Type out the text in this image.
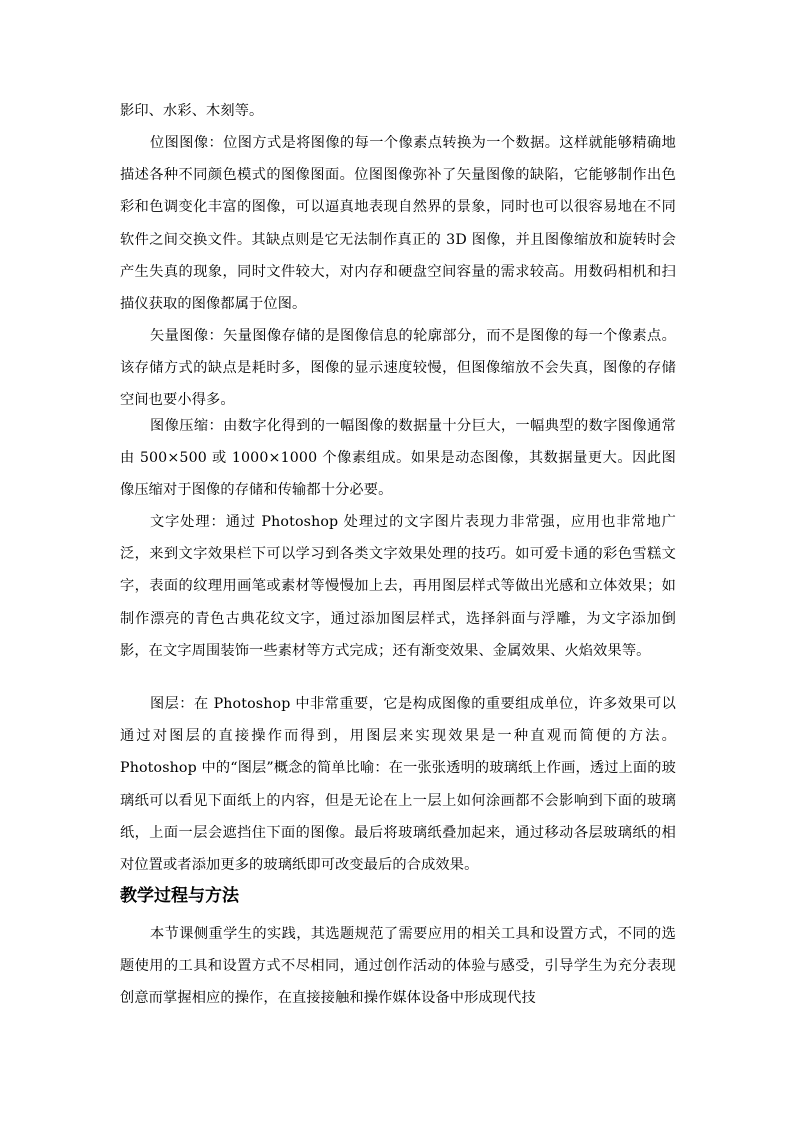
影印、水彩、木刻等。

位图图像：位图方式是将图像的每一个像素点转换为一个数据。这样就能够精确地描述各种不同颜色模式的图像图面。位图图像弥补了矢量图像的缺陷，它能够制作出色彩和色调变化丰富的图像，可以逼真地表现自然界的景象，同时也可以很容易地在不同软件之间交换文件。其缺点则是它无法制作真正的 3D 图像，并且图像缩放和旋转时会产生失真的现象，同时文件较大，对内存和硬盘空间容量的需求较高。用数码相机和扫描仪获取的图像都属于位图。

矢量图像：矢量图像存储的是图像信息的轮廓部分，而不是图像的每一个像素点。该存储方式的缺点是耗时多，图像的显示速度较慢，但图像缩放不会失真，图像的存储空间也要小得多。

图像压缩：由数字化得到的一幅图像的数据量十分巨大，一幅典型的数字图像通常由 500×500 或 1000×1000 个像素组成。如果是动态图像，其数据量更大。因此图像压缩对于图像的存储和传输都十分必要。

文字处理：通过 Photoshop 处理过的文字图片表现力非常强，应用也非常地广泛，来到文字效果栏下可以学习到各类文字效果处理的技巧。如可爱卡通的彩色雪糕文字，表面的纹理用画笔或素材等慢慢加上去，再用图层样式等做出光感和立体效果；如制作漂亮的青色古典花纹文字，通过添加图层样式，选择斜面与浮雕，为文字添加倒影，在文字周围装饰一些素材等方式完成；还有渐变效果、金属效果、火焰效果等。

图层：在 Photoshop 中非常重要，它是构成图像的重要组成单位，许多效果可以通过对图层的直接操作而得到，用图层来实现效果是一种直观而简便的方法。Photoshop 中的“图层”概念的简单比喻：在一张张透明的玻璃纸上作画，透过上面的玻璃纸可以看见下面纸上的内容，但是无论在上一层上如何涂画都不会影响到下面的玻璃纸，上面一层会遮挡住下面的图像。最后将玻璃纸叠加起来，通过移动各层玻璃纸的相对位置或者添加更多的玻璃纸即可改变最后的合成效果。

教学过程与方法

本节课侧重学生的实践，其选题规范了需要应用的相关工具和设置方式，不同的选题使用的工具和设置方式不尽相同，通过创作活动的体验与感受，引导学生为充分表现创意而掌握相应的操作，在直接接触和操作媒体设备中形成现代技
